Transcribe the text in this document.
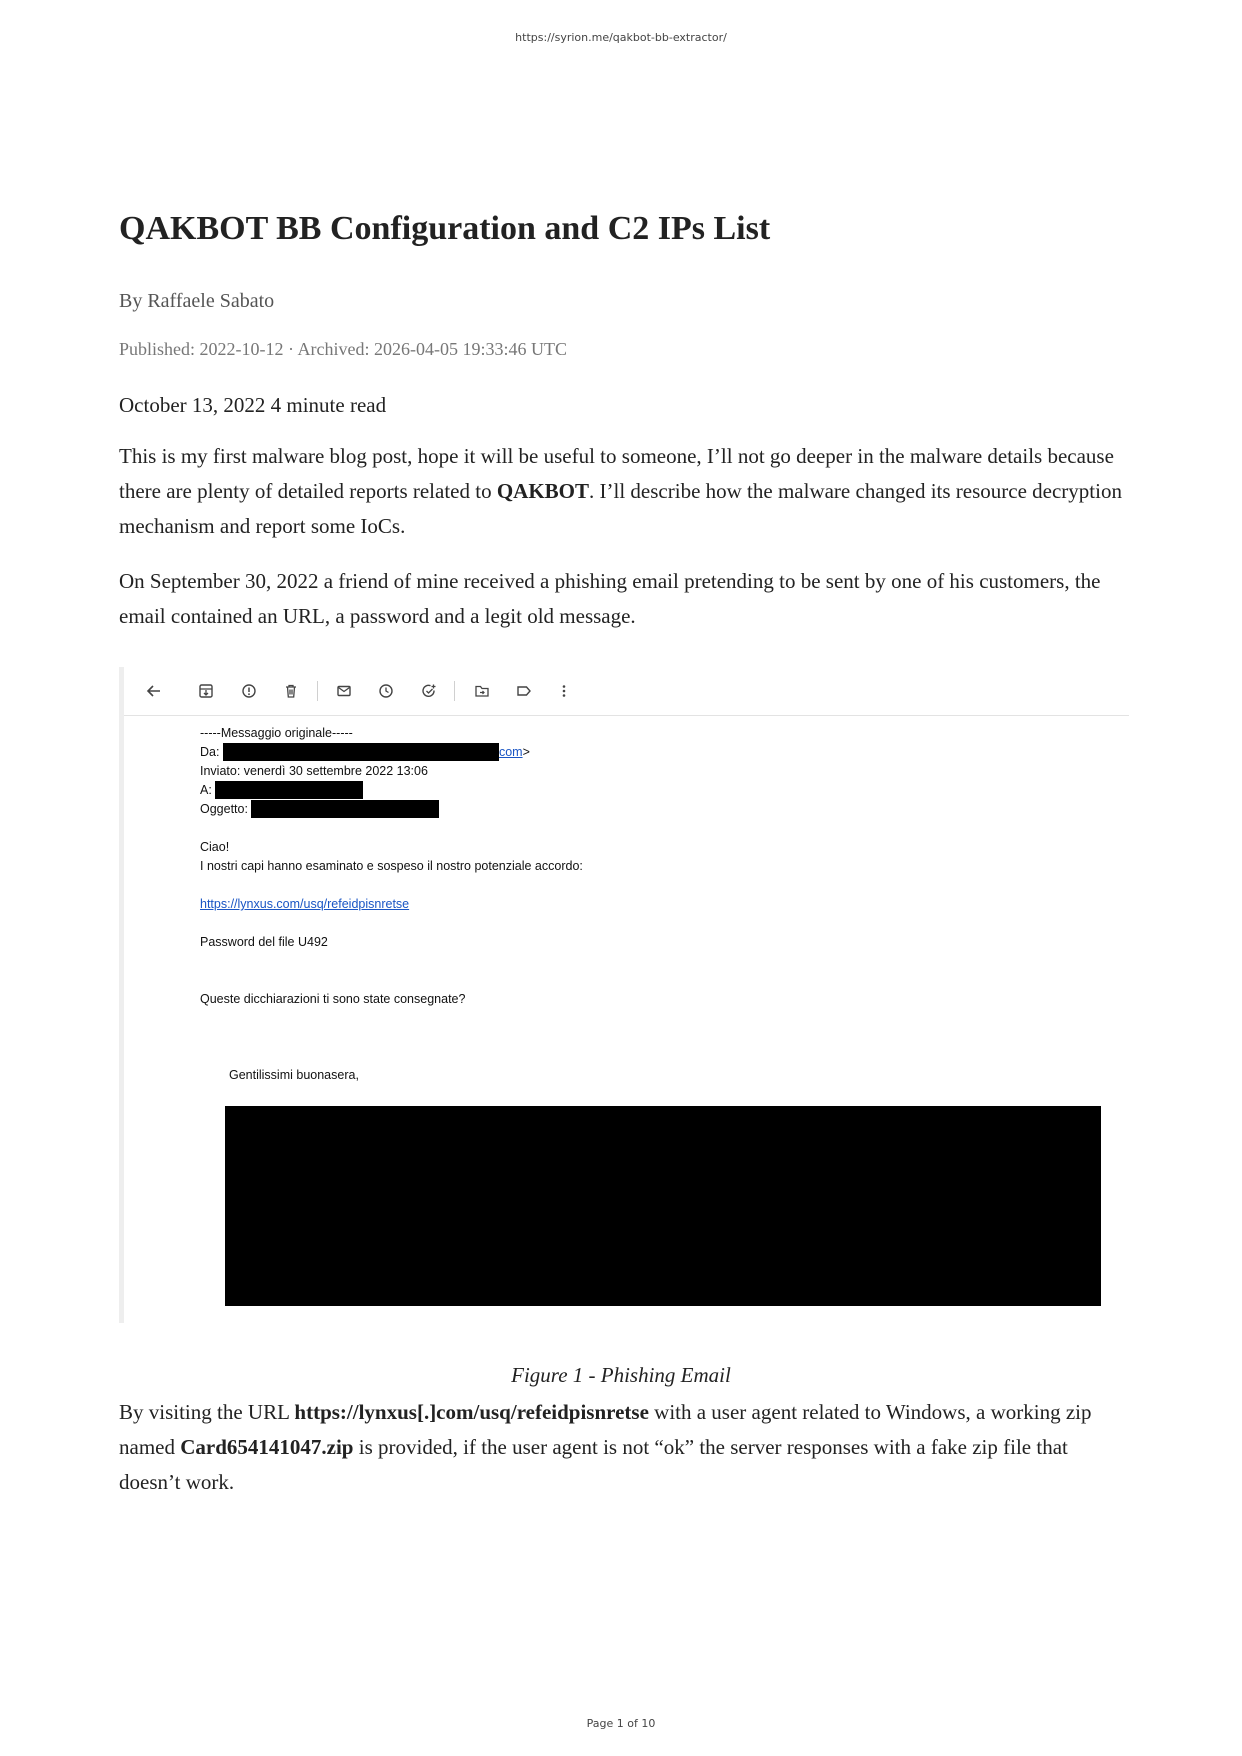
https://syrion.me/qakbot-bb-extractor/
QAKBOT BB Configuration and C2 IPs List
By Raffaele Sabato
Published: 2022-10-12 · Archived: 2026-04-05 19:33:46 UTC
October 13, 2022 4 minute read

This is my first malware blog post, hope it will be useful to someone, I’ll not go deeper in the malware details because there are plenty of detailed reports related to QAKBOT. I’ll describe how the malware changed its resource decryption mechanism and report some IoCs.

On September 30, 2022 a friend of mine received a phishing email pretending to be sent by one of his customers, the email contained an URL, a password and a legit old message.

By visiting the URL https://lynxus[.]com/usq/refeidpisnretse with a user agent related to Windows, a working zip named Card654141047.zip is provided, if the user agent is not “ok” the server responses with a fake zip file that doesn’t work.

-----Messaggio originale-----
Da:	com>
Inviato: venerdì 30 settembre 2022 13:06
A:
Oggetto:
Ciao!
I nostri capi hanno esaminato e sospeso il nostro potenziale accordo:
https://lynxus.com/usq/refeidpisnretse
Password del file U492
Queste dicchiarazioni ti sono state consegnate?
Gentilissimi buonasera,
Figure 1 - Phishing Email
Page 1 of 10
